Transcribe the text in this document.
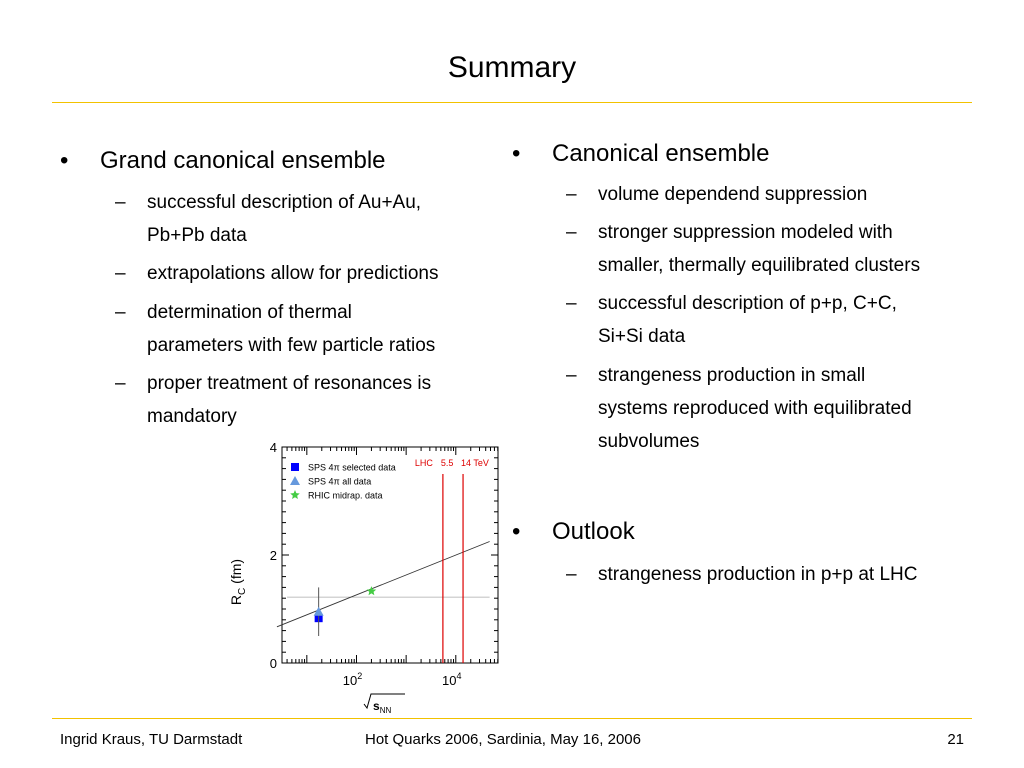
Summary
• Grand canonical ensemble
– successful description of Au+Au,
Pb+Pb data
– extrapolations allow for predictions
– determination of thermal
parameters with few particle ratios
– proper treatment of resonances is
mandatory
• Canonical ensemble
– volume dependend suppression
– stronger suppression modeled with
smaller, thermally equilibrated clusters
– successful description of p+p, C+C,
Si+Si data
– strangeness production in small
systems reproduced with equilibrated
subvolumes
• Outlook
– strangeness production in p+p at LHC
0
2
4
$10^2$	$10^4$
5.5 14 TeV
LHC
SPS 4π selected data
SPS 4π all data
RHIC midrap. data
$R_C$ (fm)
$s_{NN}$
Ingrid Kraus, TU Darmstadt	Hot Quarks 2006, Sardinia, May 16, 2006	21
